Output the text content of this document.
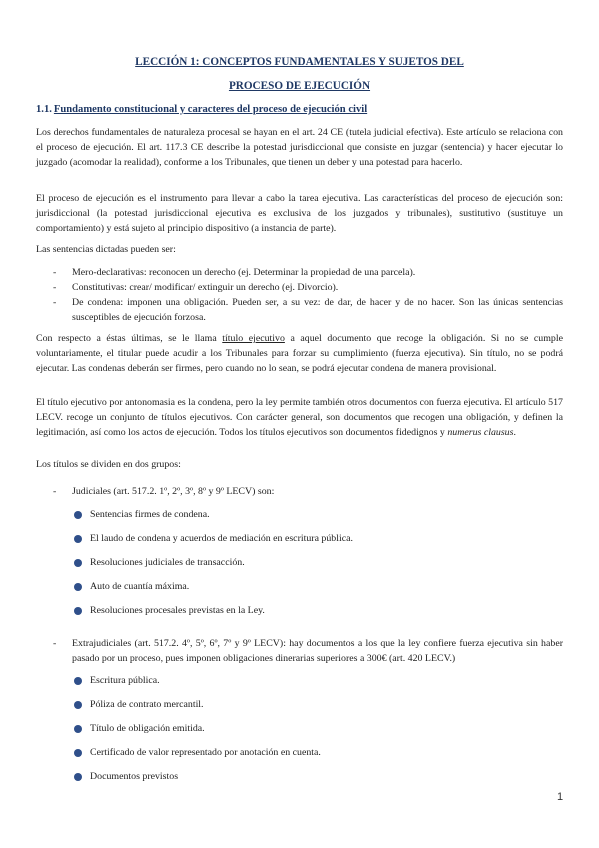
LECCIÓN 1: CONCEPTOS FUNDAMENTALES Y SUJETOS DEL
PROCESO DE EJECUCIÓN
1.1. Fundamento constitucional y caracteres del proceso de ejecución civil
Los derechos fundamentales de naturaleza procesal se hayan en el art. 24 CE (tutela judicial efectiva). Este artículo se relaciona con el proceso de ejecución. El art. 117.3 CE describe la potestad jurisdiccional que consiste en juzgar (sentencia) y hacer ejecutar lo juzgado (acomodar la realidad), conforme a los Tribunales, que tienen un deber y una potestad para hacerlo.
El proceso de ejecución es el instrumento para llevar a cabo la tarea ejecutiva. Las características del proceso de ejecución son: jurisdiccional (la potestad jurisdiccional ejecutiva es exclusiva de los juzgados y tribunales), sustitutivo (sustituye un comportamiento) y está sujeto al principio dispositivo (a instancia de parte).
Las sentencias dictadas pueden ser:
- Mero-declarativas: reconocen un derecho (ej. Determinar la propiedad de una parcela).
- Constitutivas: crear/ modificar/ extinguir un derecho (ej. Divorcio).
- De condena: imponen una obligación. Pueden ser, a su vez: de dar, de hacer y de no hacer. Son las únicas sentencias susceptibles de ejecución forzosa.
Con respecto a éstas últimas, se le llama título ejecutivo a aquel documento que recoge la obligación. Si no se cumple voluntariamente, el titular puede acudir a los Tribunales para forzar su cumplimiento (fuerza ejecutiva). Sin título, no se podrá ejecutar. Las condenas deberán ser firmes, pero cuando no lo sean, se podrá ejecutar condena de manera provisional.
El título ejecutivo por antonomasia es la condena, pero la ley permite también otros documentos con fuerza ejecutiva. El artículo 517 LECV. recoge un conjunto de títulos ejecutivos. Con carácter general, son documentos que recogen una obligación, y definen la legitimación, así como los actos de ejecución. Todos los títulos ejecutivos son documentos fidedignos y numerus clausus.
Los títulos se dividen en dos grupos:
- Judiciales (art. 517.2. 1º, 2º, 3º, 8º y 9º LECV) son:
Sentencias firmes de condena.
El laudo de condena y acuerdos de mediación en escritura pública.
Resoluciones judiciales de transacción.
Auto de cuantía máxima.
Resoluciones procesales previstas en la Ley.
- Extrajudiciales (art. 517.2. 4º, 5º, 6º, 7º y 9º LECV): hay documentos a los que la ley confiere fuerza ejecutiva sin haber pasado por un proceso, pues imponen obligaciones dinerarias superiores a 300€ (art. 420 LECV.)
Escritura pública.
Póliza de contrato mercantil.
Título de obligación emitida.
Certificado de valor representado por anotación en cuenta.
Documentos previstos
1
